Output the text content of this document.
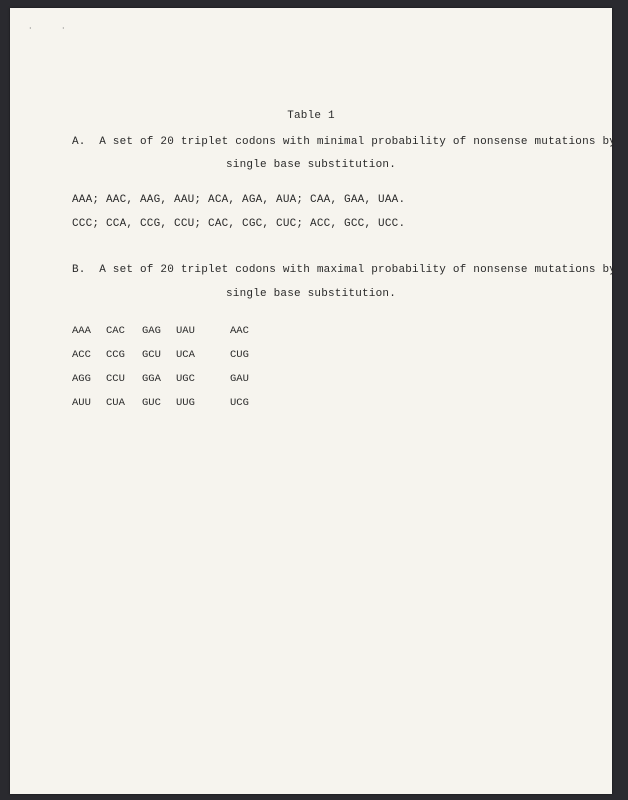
·	·
Table 1
A.  A set of 20 triplet codons with minimal probability of nonsense mutations by
single base substitution.
AAA; AAC, AAG, AAU; ACA, AGA, AUA; CAA, GAA, UAA.
CCC; CCA, CCG, CCU; CAC, CGC, CUC; ACC, GCC, UCC.
B.  A set of 20 triplet codons with maximal probability of nonsense mutations by
single base substitution.
AAA
ACC
AGG
AUU
CAC
CCG
CCU
CUA
GAG
GCU
GGA
GUC
UAU
UCA
UGC
UUG
AAC
CUG
GAU
UCG
